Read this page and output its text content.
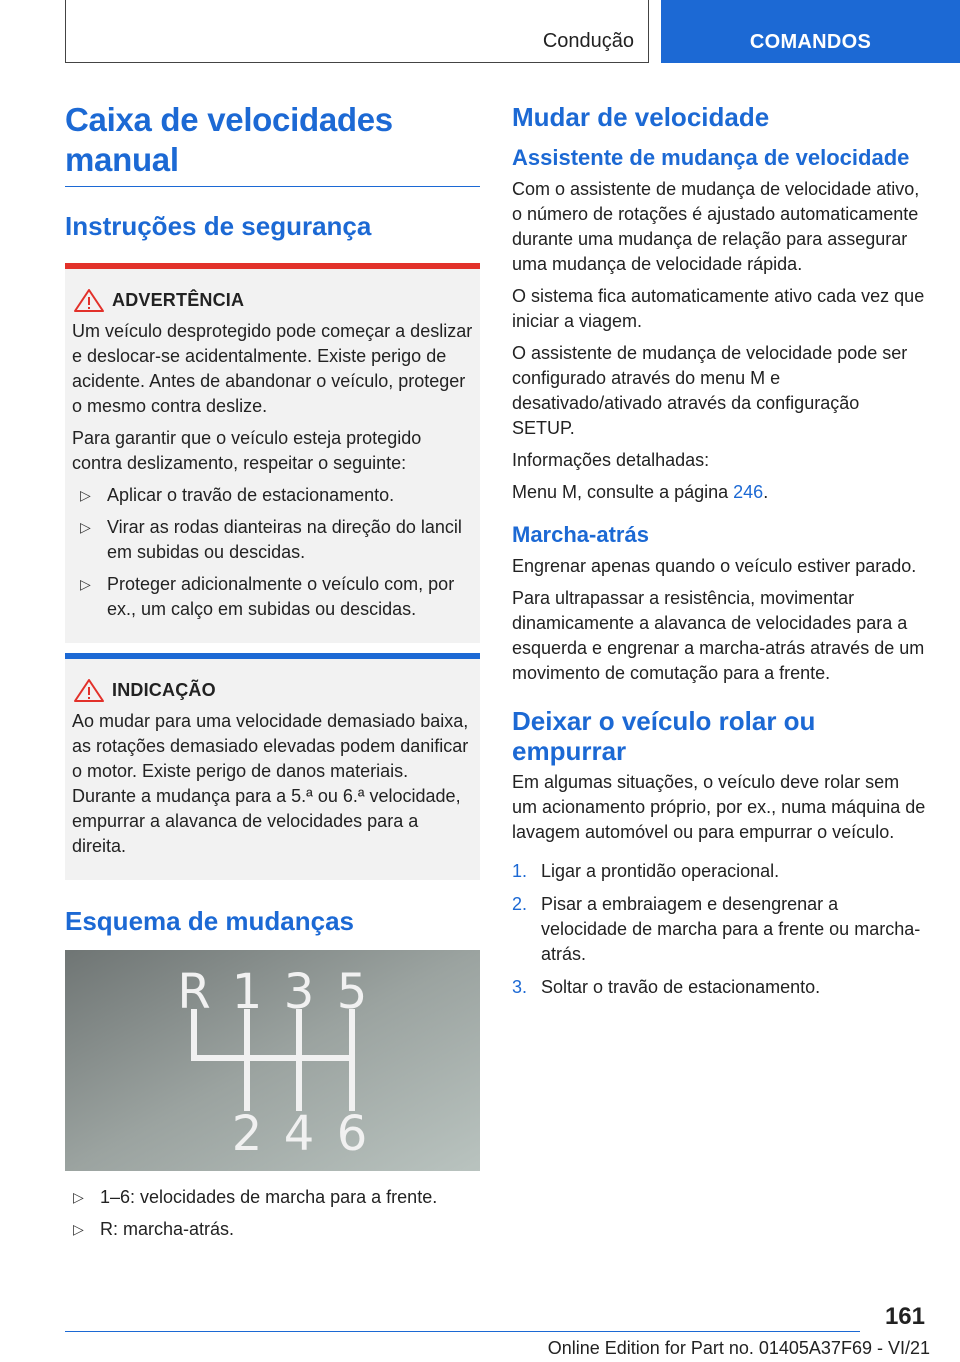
Condução	COMANDOS
Caixa de velocidades manual
Instruções de segurança
ADVERTÊNCIA

Um veículo desprotegido pode começar a deslizar e deslocar-se acidentalmente. Existe perigo de acidente. Antes de abandonar o veículo, proteger o mesmo contra deslize.

Para garantir que o veículo esteja protegido contra deslizamento, respeitar o seguinte:

▷ Aplicar o travão de estacionamento.
▷ Virar as rodas dianteiras na direção do lancil em subidas ou descidas.
▷ Proteger adicionalmente o veículo com, por ex., um calço em subidas ou descidas.
INDICAÇÃO

Ao mudar para uma velocidade demasiado baixa, as rotações demasiado elevadas podem danificar o motor. Existe perigo de danos materiais. Durante a mudança para a 5.ª ou 6.ª velocidade, empurrar a alavanca de velocidades para a direita.

Esquema de mudanças
R 1 3 5
2 4 6
▷ 1–6: velocidades de marcha para a frente.
▷ R: marcha-atrás.
Mudar de velocidade
Assistente de mudança de velocidade

Com o assistente de mudança de velocidade ativo, o número de rotações é ajustado automaticamente durante uma mudança de relação para assegurar uma mudança de velocidade rápida.

O sistema fica automaticamente ativo cada vez que iniciar a viagem.

O assistente de mudança de velocidade pode ser configurado através do menu M e desativado/ativado através da configuração SETUP.

Informações detalhadas:

Menu M, consulte a página 246.

Marcha-atrás

Engrenar apenas quando o veículo estiver parado.

Para ultrapassar a resistência, movimentar dinamicamente a alavanca de velocidades para a esquerda e engrenar a marcha-atrás através de um movimento de comutação para a frente.

Deixar o veículo rolar ou empurrar

Em algumas situações, o veículo deve rolar sem um acionamento próprio, por ex., numa máquina de lavagem automóvel ou para empurrar o veículo.

1. Ligar a prontidão operacional.
2. Pisar a embraiagem e desengrenar a velocidade de marcha para a frente ou marcha-atrás.
3. Soltar o travão de estacionamento.
161
Online Edition for Part no. 01405A37F69 - VI/21
